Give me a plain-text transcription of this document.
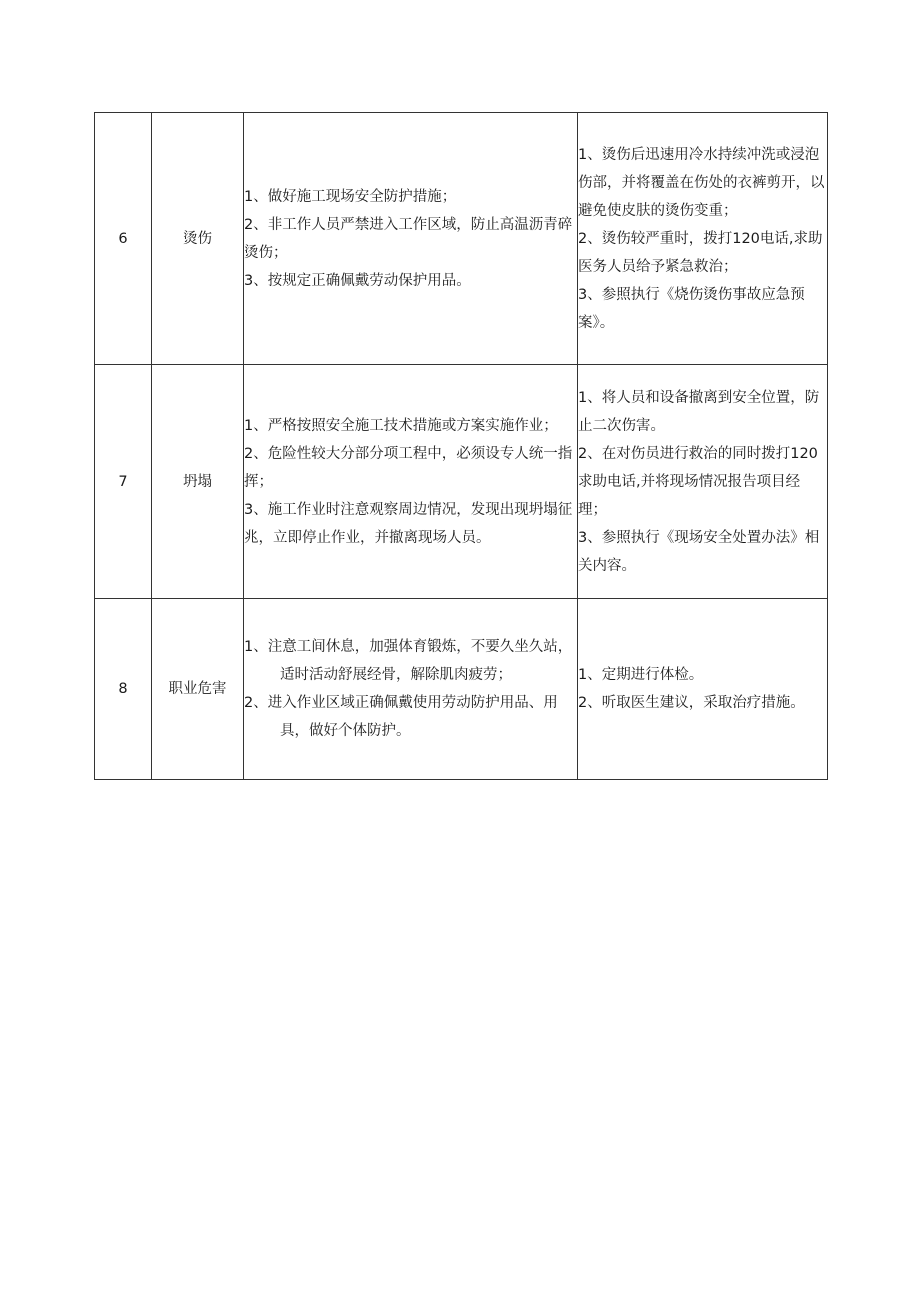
6	烫伤	1、做好施工现场安全防护措施；
2、非工作人员严禁进入工作区域，防止高温沥青碎烫伤；
3、按规定正确佩戴劳动保护用品。	1、烫伤后迅速用冷水持续冲洗或浸泡伤部，并将覆盖在伤处的衣裤剪开，以避免使皮肤的烫伤变重；
2、烫伤较严重时，拨打120电话,求助医务人员给予紧急救治；
3、参照执行《烧伤烫伤事故应急预案》。

7	坍塌	1、严格按照安全施工技术措施或方案实施作业；
2、危险性较大分部分项工程中，必须设专人统一指挥；
3、施工作业时注意观察周边情况，发现出现坍塌征兆，立即停止作业，并撤离现场人员。	1、将人员和设备撤离到安全位置，防止二次伤害。
2、在对伤员进行救治的同时拨打120求助电话,并将现场情况报告项目经理；
3、参照执行《现场安全处置办法》相关内容。

8	职业危害	1、注意工间休息，加强体育锻炼，不要久坐久站，适时活动舒展经骨，解除肌肉疲劳；
2、进入作业区域正确佩戴使用劳动防护用品、用具，做好个体防护。	1、定期进行体检。
2、听取医生建议，采取治疗措施。
